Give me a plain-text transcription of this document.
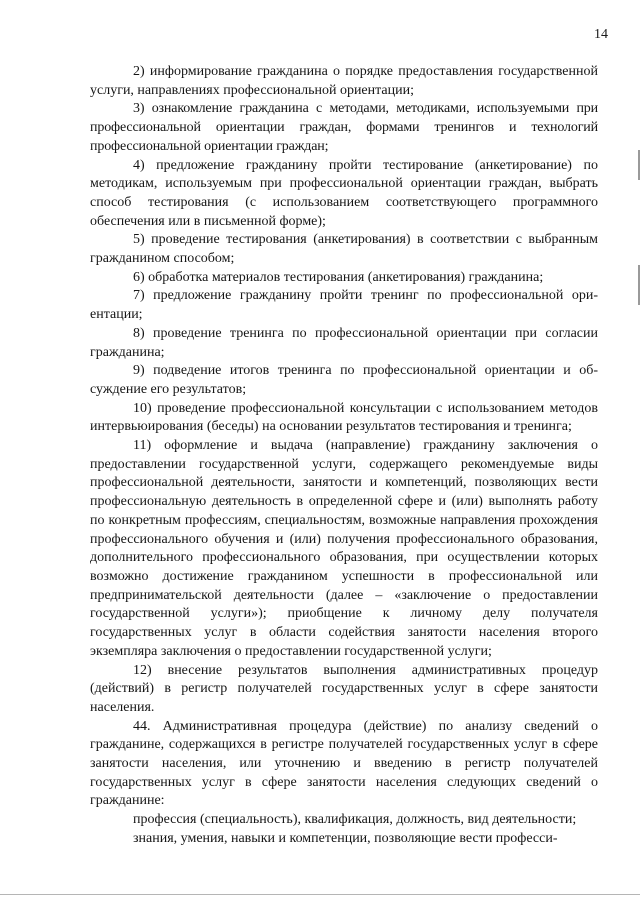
14

2) информирование гражданина о порядке предоставления государственной услуги, направлениях профессиональной ориентации;

3) ознакомление гражданина с методами, методиками, используемыми при профессиональной ориентации граждан, формами тренингов и технологий профессиональной ориентации граждан;

4) предложение гражданину пройти тестирование (анкетирование) по методикам, используемым при профессиональной ориентации граждан, выбрать способ тестирования (с использованием соответствующего программного обеспечения или в письменной форме);

5) проведение тестирования (анкетирования) в соответствии с выбранным гражданином способом;

6) обработка материалов тестирования (анкетирования) гражданина;

7) предложение гражданину пройти тренинг по профессиональной ориентации;

8) проведение тренинга по профессиональной ориентации при согласии гражданина;

9) подведение итогов тренинга по профессиональной ориентации и обсуждение его результатов;

10) проведение профессиональной консультации с использованием методов интервьюирования (беседы) на основании результатов тестирования и тренинга;

11) оформление и выдача (направление) гражданину заключения о предоставлении государственной услуги, содержащего рекомендуемые виды профессиональной деятельности, занятости и компетенций, позволяющих вести профессиональную деятельность в определенной сфере и (или) выполнять работу по конкретным профессиям, специальностям, возможные направления прохождения профессионального обучения и (или) получения профессионального образования, дополнительного профессионального образования, при осуществлении которых возможно достижение гражданином успешности в профессиональной или предпринимательской деятельности (далее – «заключение о предоставлении государственной услуги»); приобщение к личному делу получателя государственных услуг в области содействия занятости населения второго экземпляра заключения о предоставлении государственной услуги;

12) внесение результатов выполнения административных процедур (действий) в регистр получателей государственных услуг в сфере занятости населения.

44. Административная процедура (действие) по анализу сведений о гражданине, содержащихся в регистре получателей государственных услуг в сфере занятости населения, или уточнению и введению в регистр получателей государственных услуг в сфере занятости населения следующих сведений о гражданине:

профессия (специальность), квалификация, должность, вид деятельности;

знания, умения, навыки и компетенции, позволяющие вести професси-
